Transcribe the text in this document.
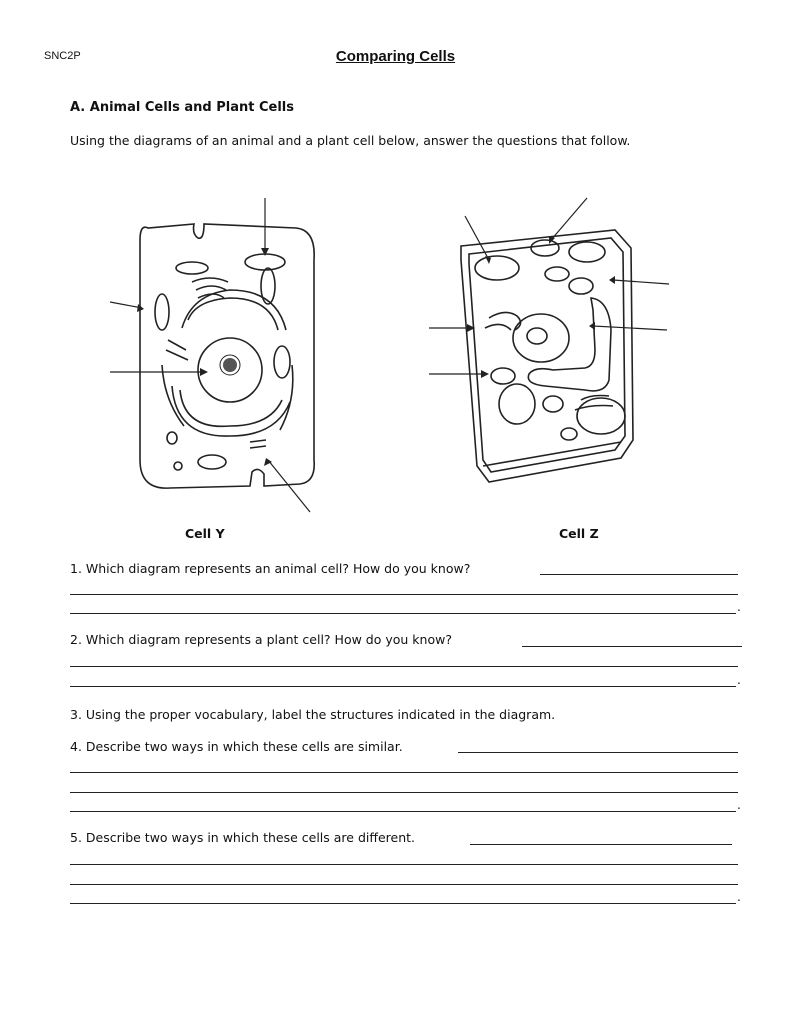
SNC2P	Comparing Cells
A. Animal Cells and Plant Cells
Using the diagrams of an animal and a plant cell below, answer the questions that follow.
Cell Y	Cell Z
1. Which diagram represents an animal cell? How do you know?
.
2. Which diagram represents a plant cell? How do you know?
.
3. Using the proper vocabulary, label the structures indicated in the diagram.
4. Describe two ways in which these cells are similar.
.
5. Describe two ways in which these cells are different.
.
